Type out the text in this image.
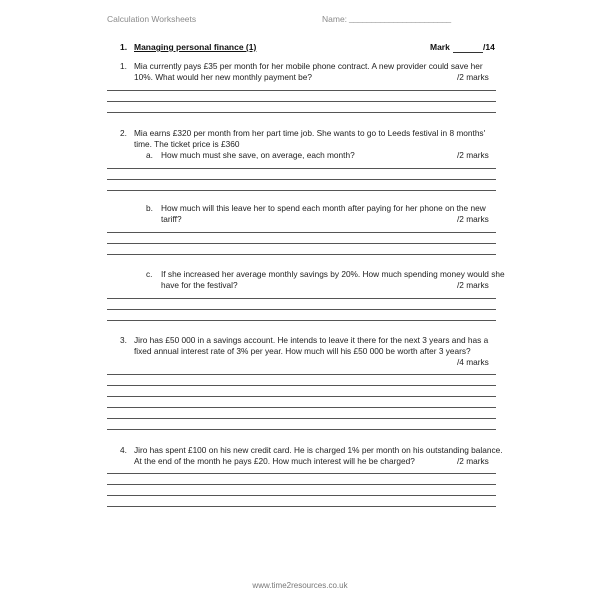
Calculation Worksheets	Name: _______________________
1. Managing personal finance (1)	Mark	/14
1. Mia currently pays £35 per month for her mobile phone contract. A new provider could save her
10%. What would her new monthly payment be?	/2 marks
2. Mia earns £320 per month from her part time job. She wants to go to Leeds festival in 8 months'
time. The ticket price is £360
a. How much must she save, on average, each month?	/2 marks
b. How much will this leave her to spend each month after paying for her phone on the new
tariff?	/2 marks
c. If she increased her average monthly savings by 20%. How much spending money would she
have for the festival?	/2 marks
3. Jiro has £50 000 in a savings account. He intends to leave it there for the next 3 years and has a
fixed annual interest rate of 3% per year. How much will his £50 000 be worth after 3 years?
/4 marks
4. Jiro has spent £100 on his new credit card. He is charged 1% per month on his outstanding balance.
At the end of the month he pays £20. How much interest will he be charged?	/2 marks
www.time2resources.co.uk
